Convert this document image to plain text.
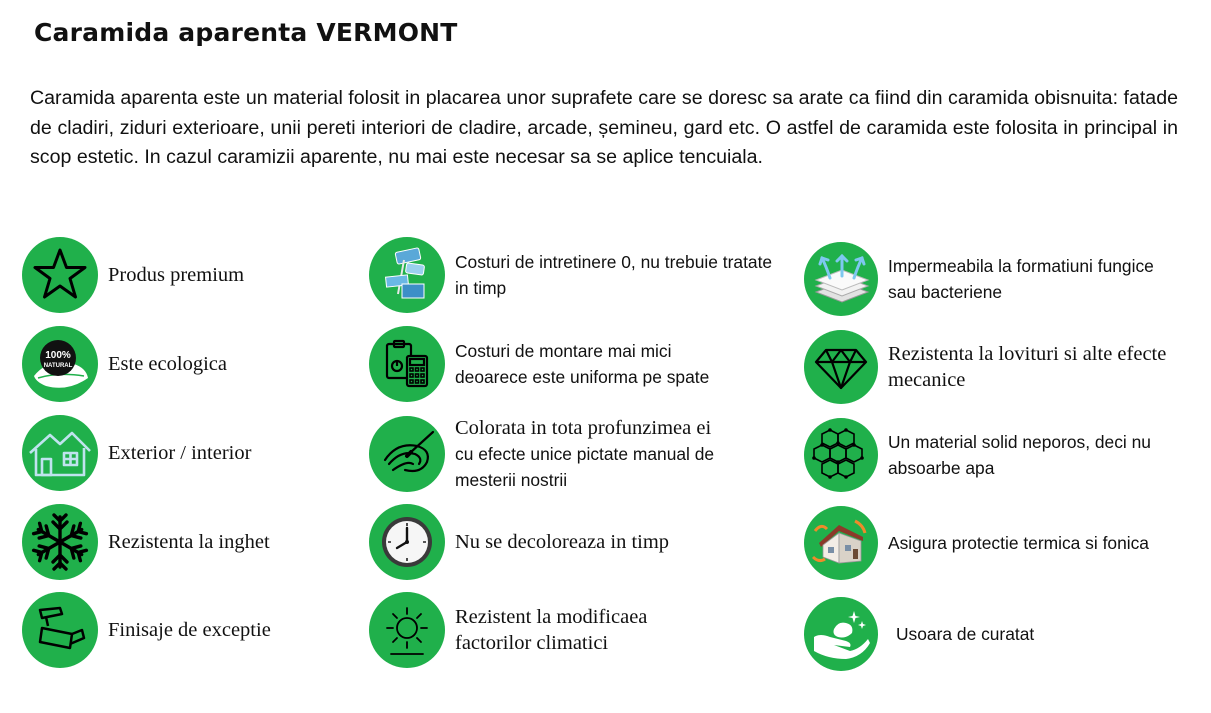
Caramida aparenta VERMONT

Caramida aparenta este un material folosit in placarea unor suprafete care se doresc sa arate ca fiind din caramida obisnuita: fatade de cladiri, ziduri exterioare, unii pereti interiori de cladire, arcade, șemineu, gard etc. O astfel de caramida este folosita in principal in scop estetic. In cazul caramizii aparente, nu mai este necesar sa se aplice tencuiala.

Produs premium
100%
NATURAL Este ecologica
Exterior / interior
Rezistenta la inghet
Finisaje de exceptie
Costuri de intretinere 0, nu trebuie tratate in timp
Costuri de montare mai mici deoarece este uniforma pe spate
Colorata in tota profunzimea ei
cu efecte unice pictate manual de
mesterii nostrii
Nu se decoloreaza in timp
Rezistent la modificaea factorilor climatici
Impermeabila la formatiuni fungice sau bacteriene
Rezistenta la lovituri si alte efecte mecanice
Un material solid neporos, deci nu absoarbe apa
Asigura protectie termica si fonica
Usoara de curatat
